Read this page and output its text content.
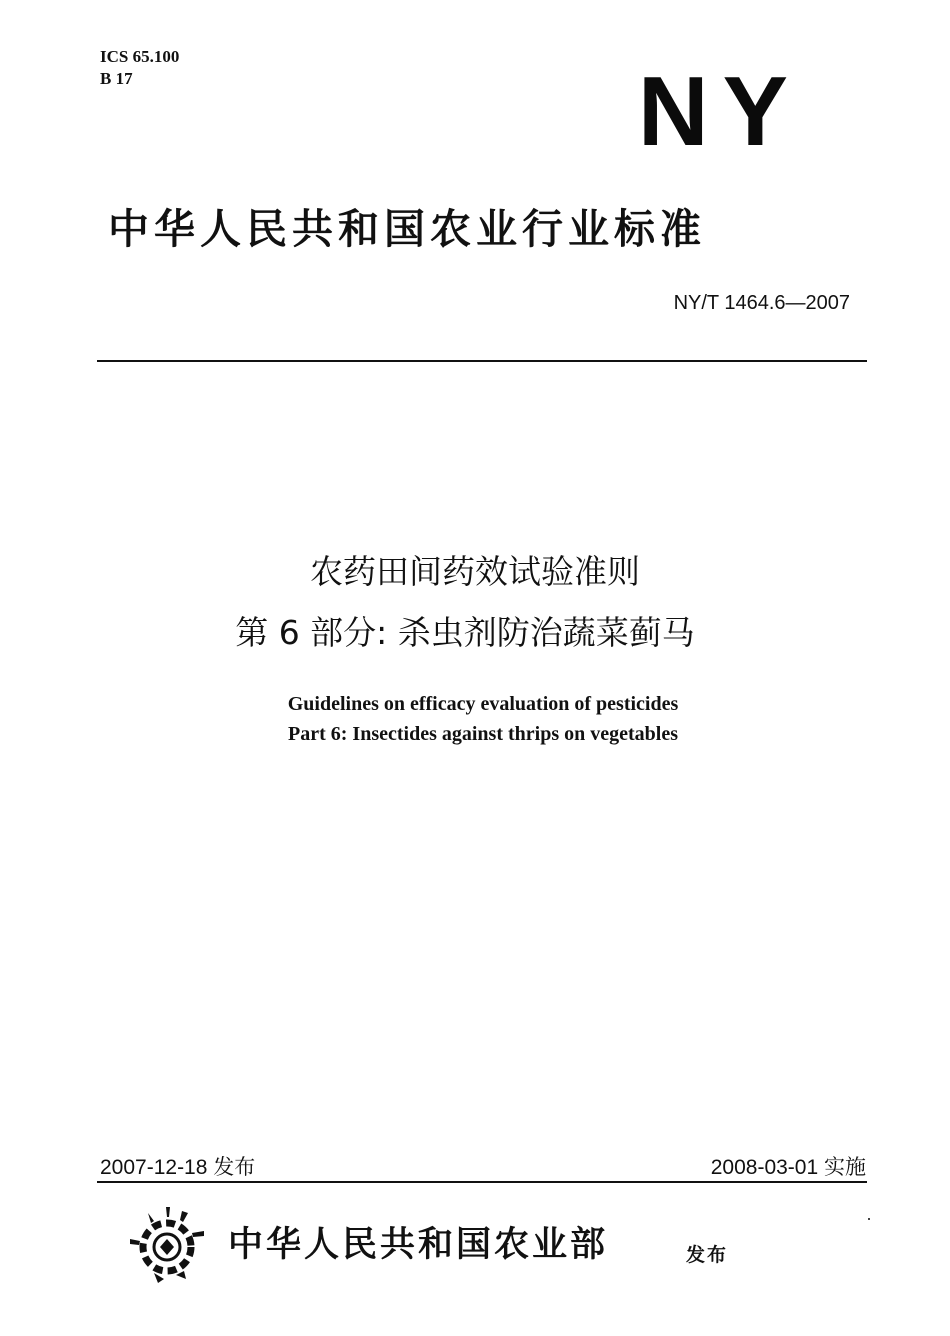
ICS 65.100
B 17	NY
中华人民共和国农业行业标准
NY/T 1464.6—2007
农药田间药效试验准则
第 6 部分: 杀虫剂防治蔬菜蓟马
Guidelines on efficacy evaluation of pesticides
Part 6: Insectides against thrips on vegetables
2007-12-18 发布	2008-03-01 实施
中华人民共和国农业部	发布
